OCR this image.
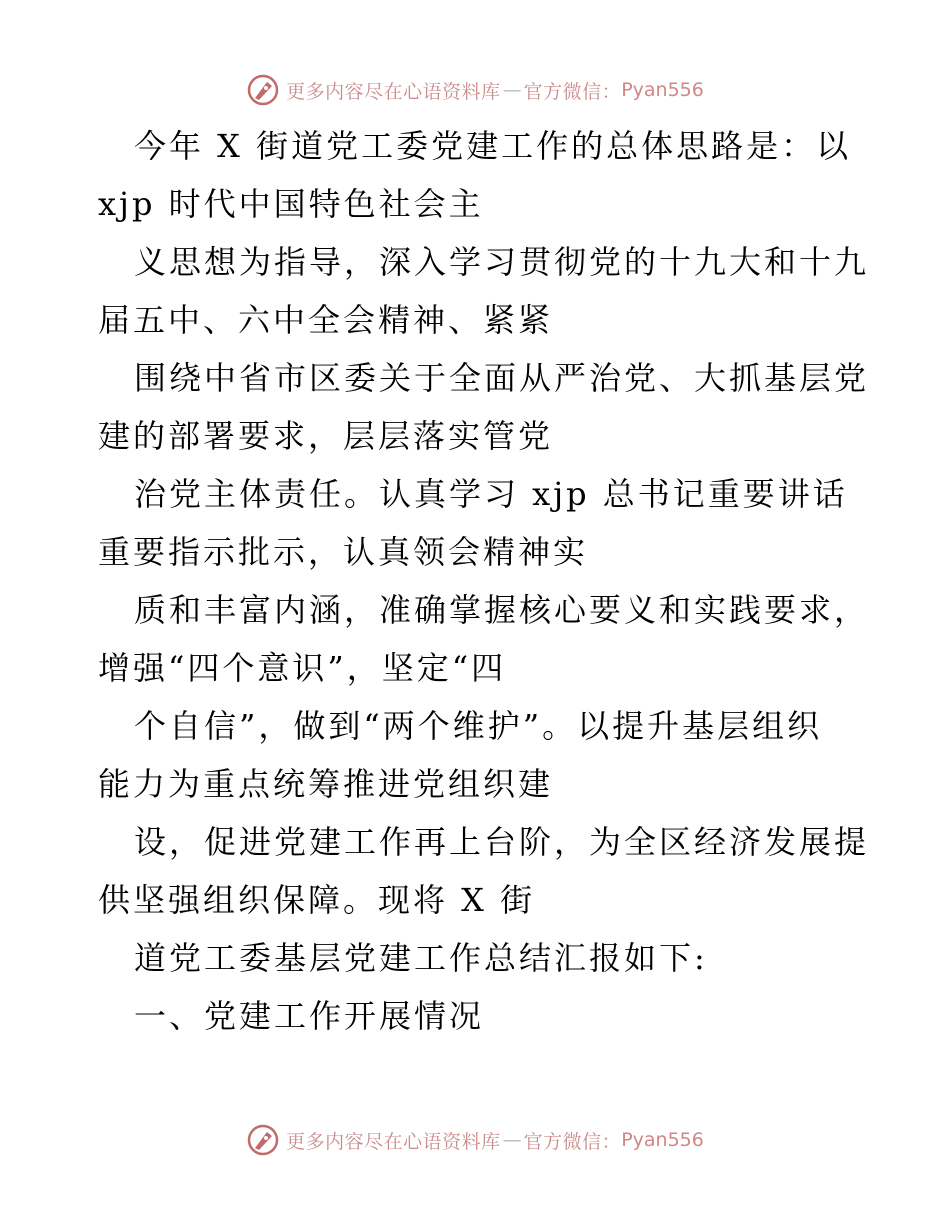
更多内容尽在心语资料库 — 官方微信： Pyan556
今年 X 街道党工委党建工作的总体思路是：以
xjp 时代中国特色社会主
义思想为指导，深入学习贯彻党的十九大和十九
届五中、六中全会精神、紧紧
围绕中省市区委关于全面从严治党、大抓基层党
建的部署要求，层层落实管党
治党主体责任。认真学习 xjp 总书记重要讲话
重要指示批示，认真领会精神实
质和丰富内涵，准确掌握核心要义和实践要求，
增强“四个意识”，坚定“四
个自信”，做到“两个维护”。以提升基层组织
能力为重点统筹推进党组织建
设，促进党建工作再上台阶，为全区经济发展提
供坚强组织保障。现将 X 街
道党工委基层党建工作总结汇报如下:
一、党建工作开展情况
更多内容尽在心语资料库 — 官方微信： Pyan556
